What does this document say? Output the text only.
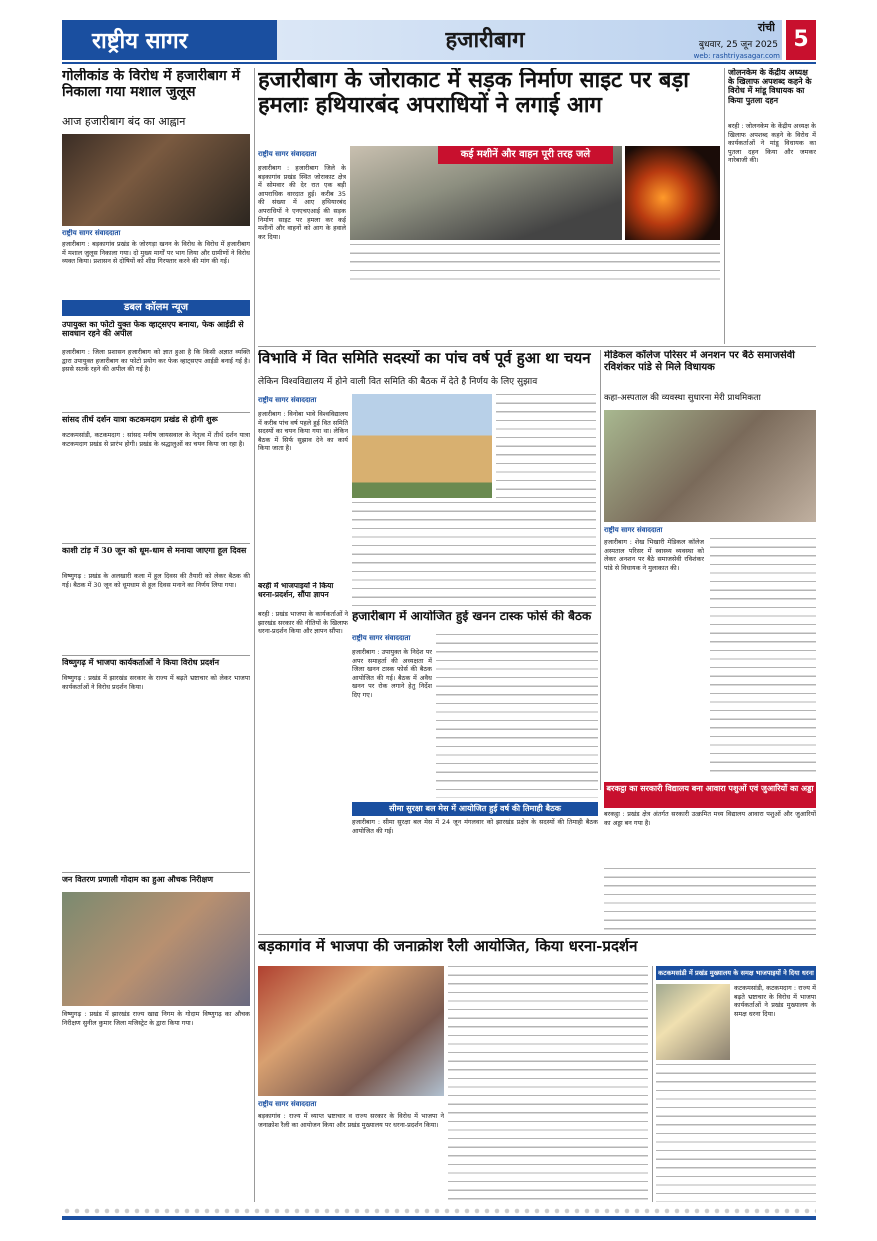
राष्ट्रीय सागर	हजारीबाग	रांची
बुधवार, 25 जून 2025 5
web: rashtriyasagar.com
गोलीकांड के विरोध में हजारीबाग में निकाला गया मशाल जुलूस
आज हजारीबाग बंद का आह्वान
राष्ट्रीय सागर संवाददाता
हजारीबाग : बड़कागांव प्रखंड के जोरगड़ा खनन के विरोध के विरोध में हजारीबाग में मशाल जुलूस निकाला गया। दो मुख्य मार्गों पर भाग लिया और ग्रामीणों ने विरोध व्यक्त किया। प्रशासन से दोषियों को शीघ्र गिरफ्तार करने की मांग की गई।
डबल कॉलम न्यूज
उपायुक्त का फोटो युक्त फेक व्हाट्सएप बनाया, फेक आईडी से सावधान रहने की अपील
हजारीबाग : जिला प्रशासन हजारीबाग को ज्ञात हुआ है कि किसी अज्ञात व्यक्ति द्वारा उपायुक्त हजारीबाग का फोटो प्रयोग कर फेक व्हाट्सएप आईडी बनाई गई है। इससे सतर्क रहने की अपील की गई है।
सांसद तीर्थ दर्शन यात्रा कटकमदाग प्रखंड से होगी शुरू
कटकमसांडी, कटकमदाग : सांसद मनीष जायसवाल के नेतृत्व में तीर्थ दर्शन यात्रा कटकमदाग प्रखंड से प्रारंभ होगी। प्रखंड के श्रद्धालुओं का चयन किया जा रहा है।
काशी टांड़ में 30 जून को धूम-धाम से मनाया जाएगा हूल दिवस
विष्णुगढ़ : प्रखंड के अलखारी कला में हूल दिवस की तैयारी को लेकर बैठक की गई। बैठक में 30 जून को धूमधाम से हूल दिवस मनाने का निर्णय लिया गया।
विष्णुगढ़ में भाजपा कार्यकर्ताओं ने किया विरोध प्रदर्शन
विष्णुगढ़ : प्रखंड में झारखंड सरकार के राज्य में बढ़ते भ्रष्टाचार को लेकर भाजपा कार्यकर्ताओं ने विरोध प्रदर्शन किया।
जन वितरण प्रणाली गोदाम का हुआ औचक निरीक्षण
विष्णुगढ़ : प्रखंड में झारखंड राज्य खाद्य निगम के गोदाम विष्णुगढ़ का औचक निरीक्षण सुनील कुमार जिला मजिस्ट्रेट के द्वारा किया गया।
हजारीबाग के जोराकाट में सड़क निर्माण साइट पर बड़ा हमलाः हथियारबंद अपराधियों ने लगाई आग
कई मशीनें और वाहन पूरी तरह जले
राष्ट्रीय सागर संवाददाता
हजारीबाग : हजारीबाग जिले के बड़कागांव प्रखंड स्थित जोराकाट क्षेत्र में सोमवार की देर रात एक बड़ी आपराधिक वारदात हुई। करीब 35 की संख्या में आए हथियारबंद अपराधियों ने एनएचएआई की सड़क निर्माण साइट पर हमला कर कई मशीनों और वाहनों को आग के हवाले कर दिया।
जोलनकेम के केंद्रीय अध्यक्ष के खिलाफ अपशब्द कहने के विरोध में मांडू विधायक का किया पुतला दहन
बरही : जोलनकेम के केंद्रीय अध्यक्ष के खिलाफ अपशब्द कहने के विरोध में कार्यकर्ताओं ने मांडू विधायक का पुतला दहन किया और जमकर नारेबाजी की।
विभावि में वित समिति सदस्यों का पांच वर्ष पूर्व हुआ था चयन
लेकिन विश्वविद्यालय में होने वाली वित समिति की बैठक में देते है निर्णय के लिए सुझाव
राष्ट्रीय सागर संवाददाता
हजारीबाग : विनोबा भावे विश्वविद्यालय में करीब पांच वर्ष पहले हुई वित समिति सदस्यों का चयन किया गया था। लेकिन बैठक में सिर्फ सुझाव देने का कार्य किया जाता है।
बरही में भाजपाइयों ने किया धरना-प्रदर्शन, सौंपा ज्ञापन
बरही : प्रखंड भाजपा के कार्यकर्ताओं ने झारखंड सरकार की नीतियों के खिलाफ धरना-प्रदर्शन किया और ज्ञापन सौंपा।
मेडिकल कॉलेज परिसर में अनशन पर बैठे समाजसेवी रविशंकर पांडे से मिले विधायक
कहा-अस्पताल की व्यवस्था सुधारना मेरी प्राथमिकता
राष्ट्रीय सागर संवाददाता
हजारीबाग : शेख भिखारी मेडिकल कॉलेज अस्पताल परिसर में स्वास्थ्य व्यवस्था को लेकर अनशन पर बैठे समाजसेवी रविशंकर पांडे से विधायक ने मुलाकात की।
हजारीबाग में आयोजित हुई खनन टास्क फोर्स की बैठक
राष्ट्रीय सागर संवाददाता
हजारीबाग : उपायुक्त के निदेश पर अपर समाहर्ता की अध्यक्षता में जिला खनन टास्क फोर्स की बैठक आयोजित की गई। बैठक में अवैध खनन पर रोक लगाने हेतु निर्देश दिए गए।
सीमा सुरक्षा बल मेस में आयोजित हुई वर्ष की तिमाही बैठक
हजारीबाग : सीमा सुरक्षा बल मेस में 24 जून मंगलवार को झारखंड प्रक्षेत्र के सदस्यों की तिमाही बैठक आयोजित की गई।
बरकट्ठा का सरकारी विद्यालय बना आवारा पशुओं एवं जुआरियों का अड्डा
बरकट्ठा : प्रखंड क्षेत्र अंतर्गत सरकारी उत्क्रमित मध्य विद्यालय आवारा पशुओं और जुआरियों का अड्डा बन गया है।
बड़कागांव में भाजपा की जनाक्रोश रैली आयोजित, किया धरना-प्रदर्शन
राष्ट्रीय सागर संवाददाता
बड़कागांव : राज्य में व्याप्त भ्रष्टाचार व राज्य सरकार के विरोध में भाजपा ने जनाक्रोश रैली का आयोजन किया और प्रखंड मुख्यालय पर धरना-प्रदर्शन किया।
कटकमसांडी में प्रखंड मुख्यालय के समक्ष भाजपाइयों ने दिया धरना
कटकमसांडी, कटकमदाग : राज्य में बढ़ते भ्रष्टाचार के विरोध में भाजपा कार्यकर्ताओं ने प्रखंड मुख्यालय के समक्ष धरना दिया।
